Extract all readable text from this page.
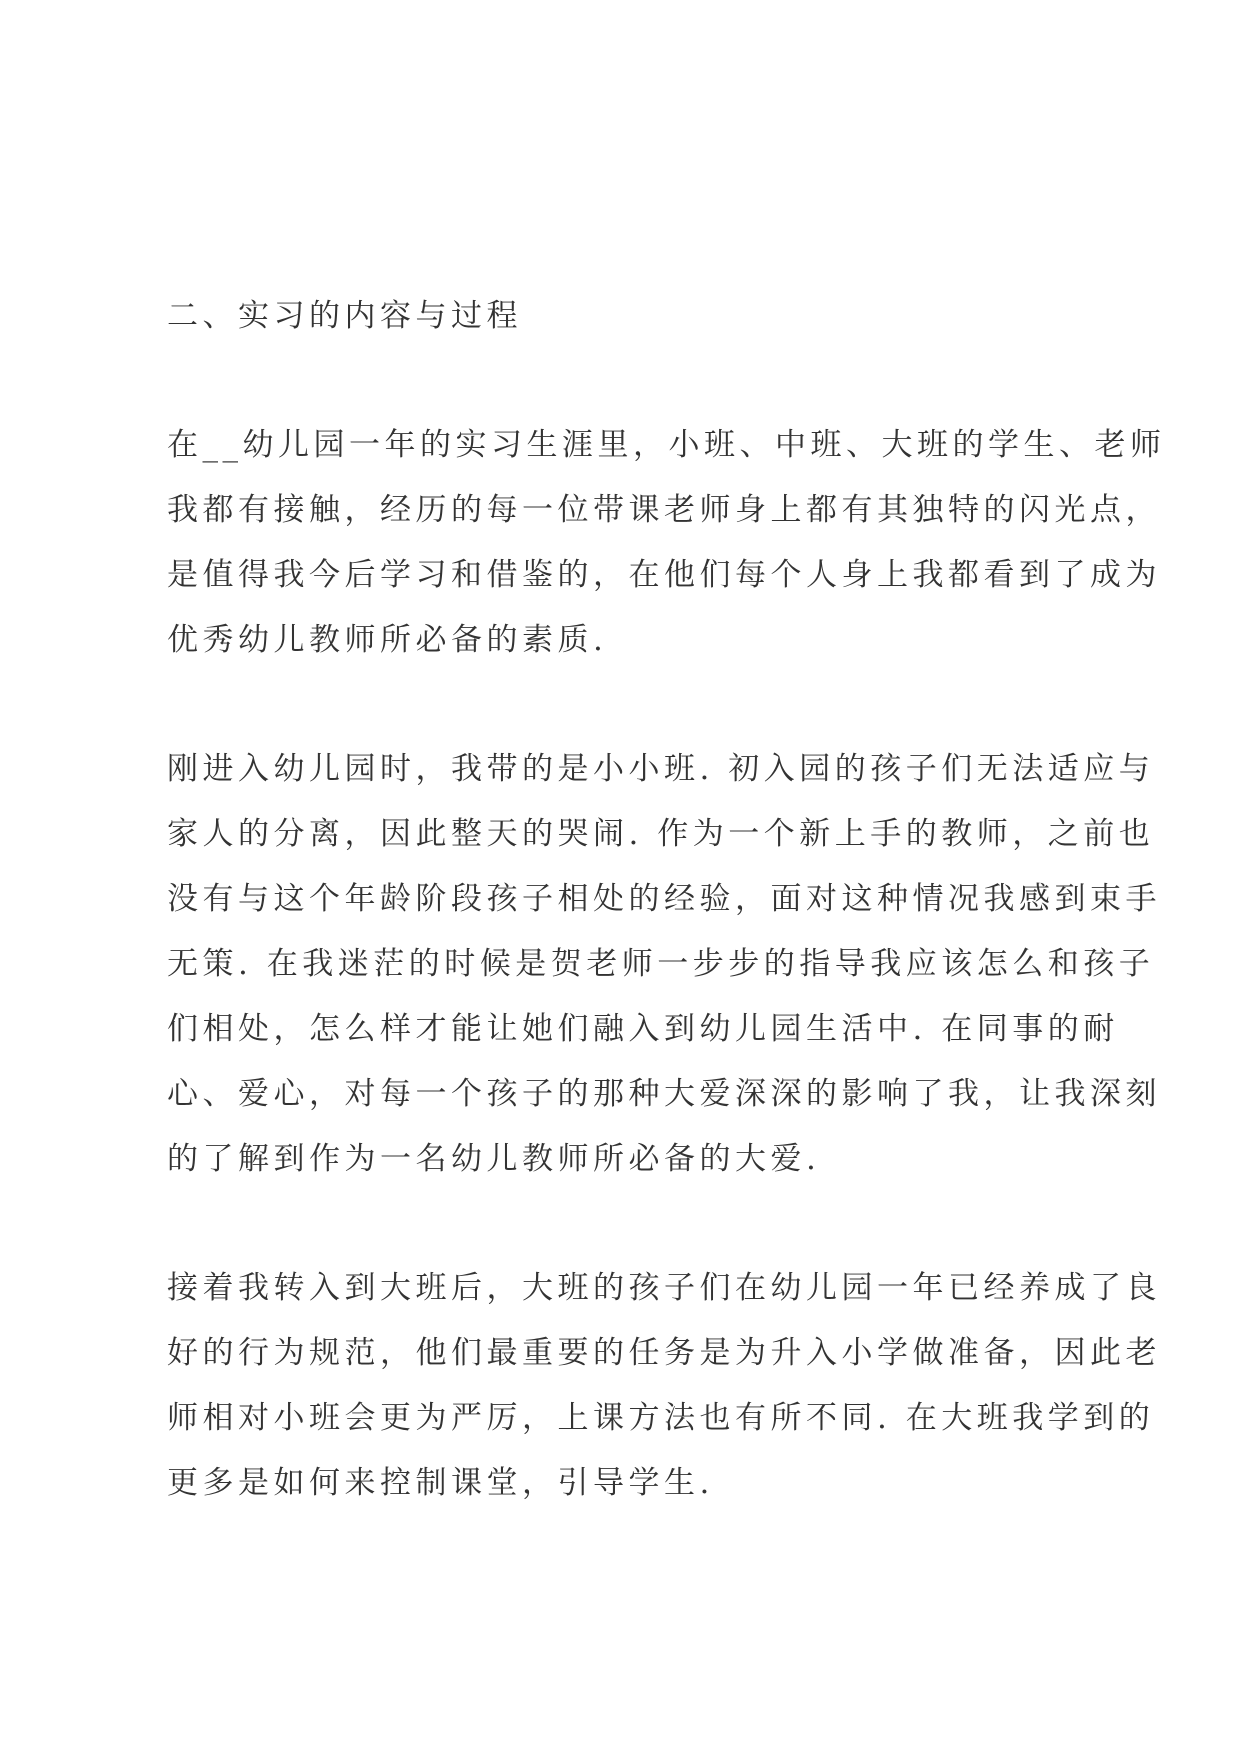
二、实习的内容与过程
在__幼儿园一年的实习生涯里，小班、中班、大班的学生、老师
我都有接触，经历的每一位带课老师身上都有其独特的闪光点，
是值得我今后学习和借鉴的，在他们每个人身上我都看到了成为
优秀幼儿教师所必备的素质.
刚进入幼儿园时，我带的是小小班. 初入园的孩子们无法适应与
家人的分离，因此整天的哭闹. 作为一个新上手的教师，之前也
没有与这个年龄阶段孩子相处的经验，面对这种情况我感到束手
无策. 在我迷茫的时候是贺老师一步步的指导我应该怎么和孩子
们相处，怎么样才能让她们融入到幼儿园生活中. 在同事的耐
心、爱心，对每一个孩子的那种大爱深深的影响了我，让我深刻
的了解到作为一名幼儿教师所必备的大爱.
接着我转入到大班后，大班的孩子们在幼儿园一年已经养成了良
好的行为规范，他们最重要的任务是为升入小学做准备，因此老
师相对小班会更为严厉，上课方法也有所不同. 在大班我学到的
更多是如何来控制课堂，引导学生.
